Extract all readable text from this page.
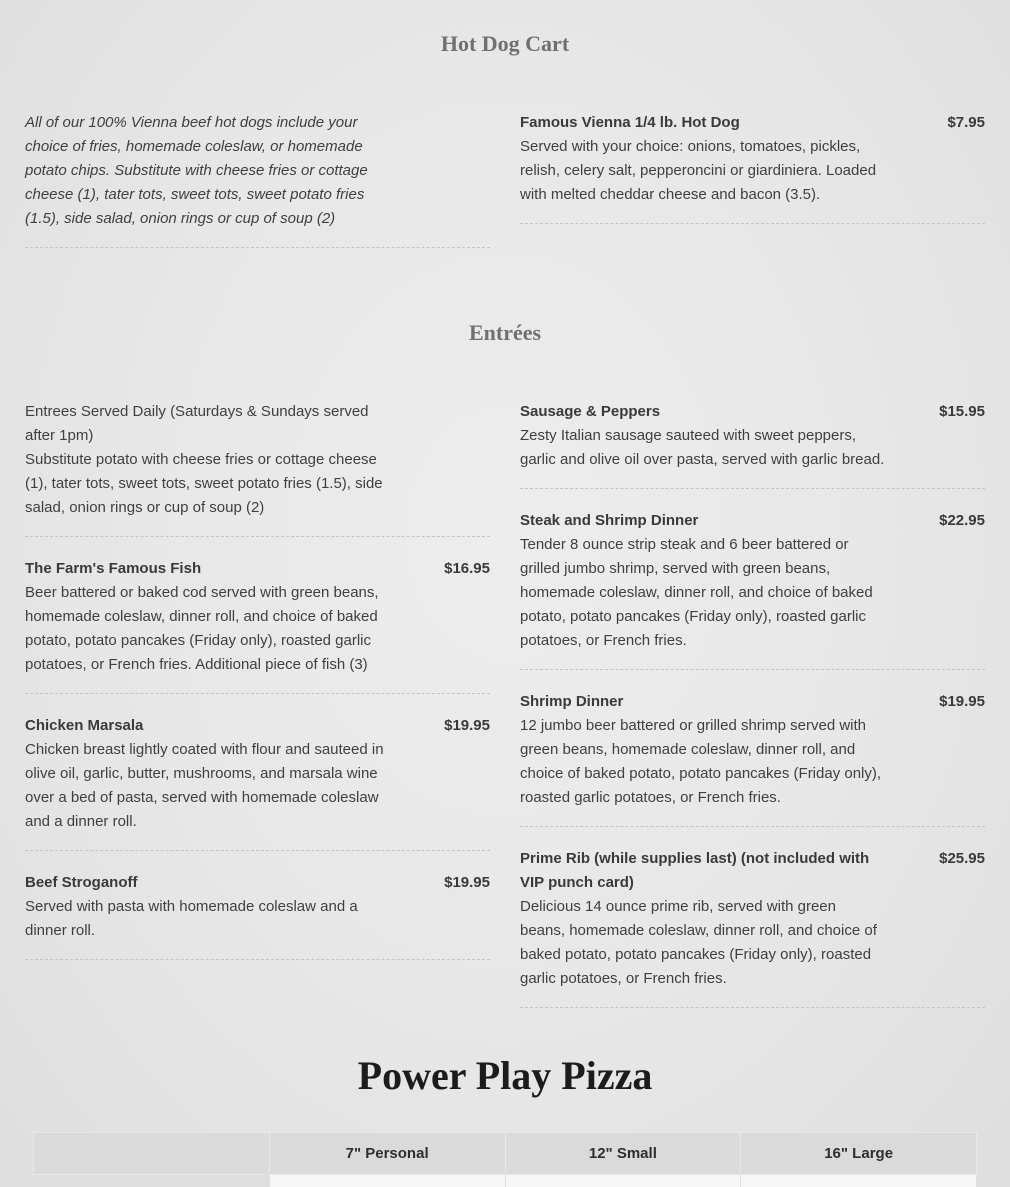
Hot Dog Cart
All of our 100% Vienna beef hot dogs include your choice of fries, homemade coleslaw, or homemade potato chips. Substitute with cheese fries or cottage cheese (1), tater tots, sweet tots, sweet potato fries (1.5), side salad, onion rings or cup of soup (2)
Famous Vienna 1/4 lb. Hot Dog	$7.95
Served with your choice: onions, tomatoes, pickles, relish, celery salt, pepperoncini or giardiniera. Loaded with melted cheddar cheese and bacon (3.5).
Entrées
Entrees Served Daily (Saturdays & Sundays served after 1pm)
Substitute potato with cheese fries or cottage cheese (1), tater tots, sweet tots, sweet potato fries (1.5), side salad, onion rings or cup of soup (2)
The Farm's Famous Fish	$16.95
Beer battered or baked cod served with green beans, homemade coleslaw, dinner roll, and choice of baked potato, potato pancakes (Friday only), roasted garlic potatoes, or French fries. Additional piece of fish (3)
Chicken Marsala	$19.95
Chicken breast lightly coated with flour and sauteed in olive oil, garlic, butter, mushrooms, and marsala wine over a bed of pasta, served with homemade coleslaw and a dinner roll.
Beef Stroganoff	$19.95
Served with pasta with homemade coleslaw and a dinner roll.
Sausage & Peppers	$15.95
Zesty Italian sausage sauteed with sweet peppers, garlic and olive oil over pasta, served with garlic bread.
Steak and Shrimp Dinner	$22.95
Tender 8 ounce strip steak and 6 beer battered or grilled jumbo shrimp, served with green beans, homemade coleslaw, dinner roll, and choice of baked potato, potato pancakes (Friday only), roasted garlic potatoes, or French fries.
Shrimp Dinner	$19.95
12 jumbo beer battered or grilled shrimp served with green beans, homemade coleslaw, dinner roll, and choice of baked potato, potato pancakes (Friday only), roasted garlic potatoes, or French fries.
Prime Rib (while supplies last) (not included with VIP punch card)
$25.95
Delicious 14 ounce prime rib, served with green beans, homemade coleslaw, dinner roll, and choice of baked potato, potato pancakes (Friday only), roasted garlic potatoes, or French fries.
Power Play Pizza
	7" Personal	12" Small	16" Large
